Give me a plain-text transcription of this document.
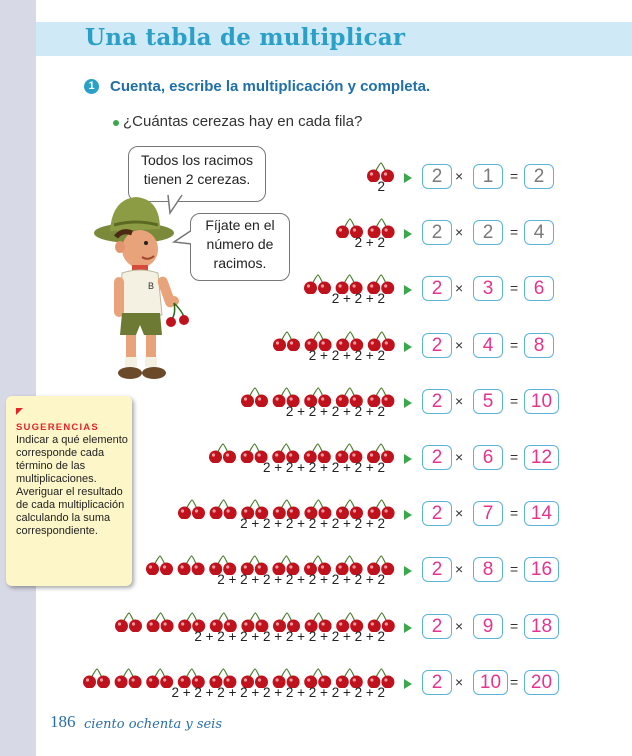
Una tabla de multiplicar
1 Cuenta, escribe la multiplicación y completa.
¿Cuántas cerezas hay en cada fila?
Todos los racimos
tienen 2 cerezas.
Fíjate en el
número de
racimos.
B
SUGERENCIAS
Indicar a qué elemento corresponde cada término de las multiplicaciones. Averiguar el resultado de cada multiplicación calculando la suma correspondiente.
2	2 ×	1	= 2
2 + 2	2 ×	2	= 4
2 + 2 + 2	2 ×	3	= 6
2 + 2 + 2 + 2	2 ×	4	= 8
2 + 2 + 2 + 2 + 2	2 ×	5	= 10
2 + 2 + 2 + 2 + 2 + 2	2 ×	6	= 12
2 + 2 + 2 + 2 + 2 + 2 + 2	2 ×	7	= 14
2 + 2 + 2 + 2 + 2 + 2 + 2 + 2	2 ×	8	= 16
2 + 2 + 2 + 2 + 2 + 2 + 2 + 2 + 2	2 ×	9	= 18
2 + 2 + 2 + 2 + 2 + 2 + 2 + 2 + 2 + 2	2 × 10 = 20
186 ciento ochenta y seis
